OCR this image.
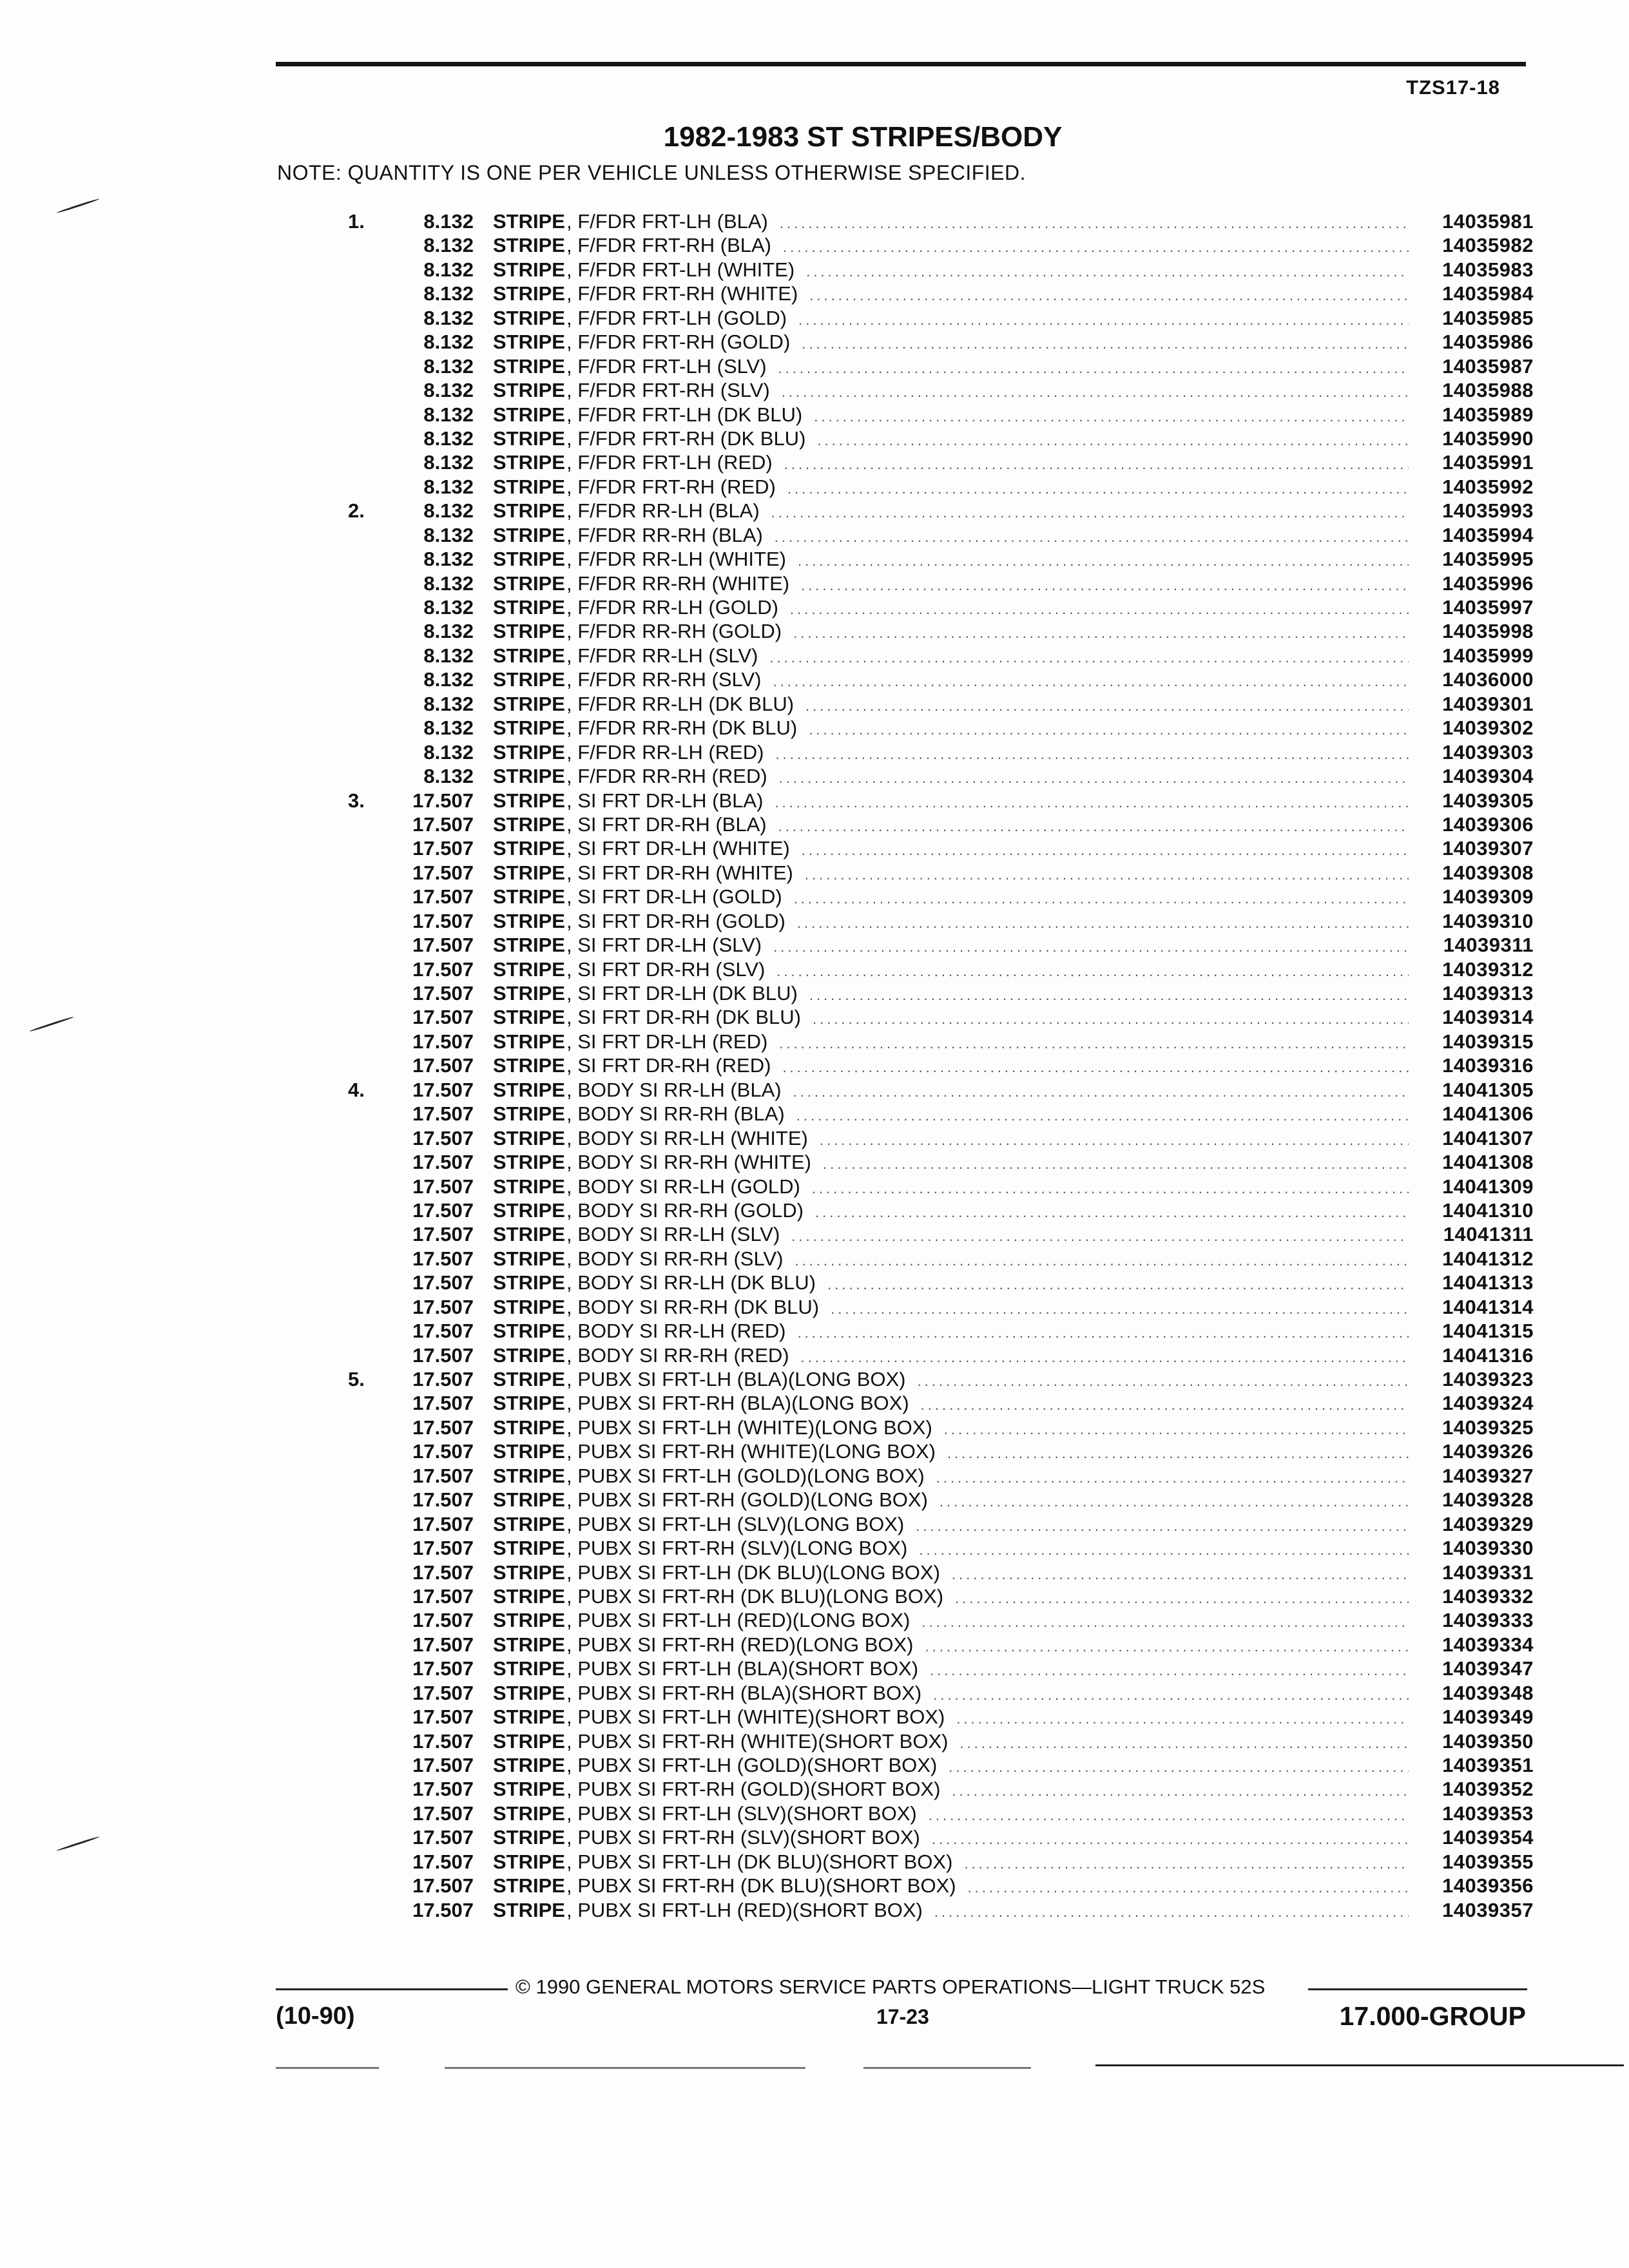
TZS17-18
1982-1983 ST STRIPES/BODY
NOTE: QUANTITY IS ONE PER VEHICLE UNLESS OTHERWISE SPECIFIED.
1.	8.132 STRIPE , F/FDR FRT-LH (BLA) .....	14035981
8.132 STRIPE , F/FDR FRT-RH (BLA) .....	14035982
8.132 STRIPE , F/FDR FRT-LH (WHITE) .....	14035983
8.132 STRIPE , F/FDR FRT-RH (WHITE) .....	14035984
8.132 STRIPE , F/FDR FRT-LH (GOLD) .....	14035985
8.132 STRIPE , F/FDR FRT-RH (GOLD) .....	14035986
8.132 STRIPE , F/FDR FRT-LH (SLV) .....	14035987
8.132 STRIPE , F/FDR FRT-RH (SLV) .....	14035988
8.132 STRIPE , F/FDR FRT-LH (DK BLU) .....	14035989
8.132 STRIPE , F/FDR FRT-RH (DK BLU) .....	14035990
8.132 STRIPE , F/FDR FRT-LH (RED) .....	14035991
8.132 STRIPE , F/FDR FRT-RH (RED) .....	14035992
2.	8.132 STRIPE , F/FDR RR-LH (BLA) .....	14035993
8.132 STRIPE , F/FDR RR-RH (BLA) .....	14035994
8.132 STRIPE , F/FDR RR-LH (WHITE) .....	14035995
8.132 STRIPE , F/FDR RR-RH (WHITE) .....	14035996
8.132 STRIPE , F/FDR RR-LH (GOLD) .....	14035997
8.132 STRIPE , F/FDR RR-RH (GOLD) .....	14035998
8.132 STRIPE , F/FDR RR-LH (SLV) .....	14035999
8.132 STRIPE , F/FDR RR-RH (SLV) .....	14036000
8.132 STRIPE , F/FDR RR-LH (DK BLU) .....	14039301
8.132 STRIPE , F/FDR RR-RH (DK BLU) .....	14039302
8.132 STRIPE , F/FDR RR-LH (RED) .....	14039303
8.132 STRIPE , F/FDR RR-RH (RED) .....	14039304
3.	17.507 STRIPE , SI FRT DR-LH (BLA) .....	14039305
17.507 STRIPE , SI FRT DR-RH (BLA) .....	14039306
17.507 STRIPE , SI FRT DR-LH (WHITE) .....	14039307
17.507 STRIPE , SI FRT DR-RH (WHITE) .....	14039308
17.507 STRIPE , SI FRT DR-LH (GOLD) .....	14039309
17.507 STRIPE , SI FRT DR-RH (GOLD) .....	14039310
17.507 STRIPE , SI FRT DR-LH (SLV) .....	14039311
17.507 STRIPE , SI FRT DR-RH (SLV) .....	14039312
17.507 STRIPE , SI FRT DR-LH (DK BLU) .....	14039313
17.507 STRIPE , SI FRT DR-RH (DK BLU) .....	14039314
17.507 STRIPE , SI FRT DR-LH (RED) .....	14039315
17.507 STRIPE , SI FRT DR-RH (RED) .....	14039316
4.	17.507 STRIPE , BODY SI RR-LH (BLA) .....	14041305
17.507 STRIPE , BODY SI RR-RH (BLA) .....	14041306
17.507 STRIPE , BODY SI RR-LH (WHITE) .....	14041307
17.507 STRIPE , BODY SI RR-RH (WHITE) .....	14041308
17.507 STRIPE , BODY SI RR-LH (GOLD) .....	14041309
17.507 STRIPE , BODY SI RR-RH (GOLD) .....	14041310
17.507 STRIPE , BODY SI RR-LH (SLV) .....	14041311
17.507 STRIPE , BODY SI RR-RH (SLV) .....	14041312
17.507 STRIPE , BODY SI RR-LH (DK BLU) .....	14041313
17.507 STRIPE , BODY SI RR-RH (DK BLU) .....	14041314
17.507 STRIPE , BODY SI RR-LH (RED) .....	14041315
17.507 STRIPE , BODY SI RR-RH (RED) .....	14041316
5.	17.507 STRIPE , PUBX SI FRT-LH (BLA)(LONG BOX) .....	14039323
17.507 STRIPE , PUBX SI FRT-RH (BLA)(LONG BOX) .....	14039324
17.507 STRIPE , PUBX SI FRT-LH (WHITE)(LONG BOX) .....	14039325
17.507 STRIPE , PUBX SI FRT-RH (WHITE)(LONG BOX) .....	14039326
17.507 STRIPE , PUBX SI FRT-LH (GOLD)(LONG BOX) .....	14039327
17.507 STRIPE , PUBX SI FRT-RH (GOLD)(LONG BOX) .....	14039328
17.507 STRIPE , PUBX SI FRT-LH (SLV)(LONG BOX) .....	14039329
17.507 STRIPE , PUBX SI FRT-RH (SLV)(LONG BOX) .....	14039330
17.507 STRIPE , PUBX SI FRT-LH (DK BLU)(LONG BOX) .....	14039331
17.507 STRIPE , PUBX SI FRT-RH (DK BLU)(LONG BOX) .....	14039332
17.507 STRIPE , PUBX SI FRT-LH (RED)(LONG BOX) .....	14039333
17.507 STRIPE , PUBX SI FRT-RH (RED)(LONG BOX) .....	14039334
17.507 STRIPE , PUBX SI FRT-LH (BLA)(SHORT BOX) .....	14039347
17.507 STRIPE , PUBX SI FRT-RH (BLA)(SHORT BOX) .....	14039348
17.507 STRIPE , PUBX SI FRT-LH (WHITE)(SHORT BOX) .....	14039349
17.507 STRIPE , PUBX SI FRT-RH (WHITE)(SHORT BOX) .....	14039350
17.507 STRIPE , PUBX SI FRT-LH (GOLD)(SHORT BOX) .....	14039351
17.507 STRIPE , PUBX SI FRT-RH (GOLD)(SHORT BOX) .....	14039352
17.507 STRIPE , PUBX SI FRT-LH (SLV)(SHORT BOX) .....	14039353
17.507 STRIPE , PUBX SI FRT-RH (SLV)(SHORT BOX) .....	14039354
17.507 STRIPE , PUBX SI FRT-LH (DK BLU)(SHORT BOX) .....	14039355
17.507 STRIPE , PUBX SI FRT-RH (DK BLU)(SHORT BOX) .....	14039356
17.507 STRIPE , PUBX SI FRT-LH (RED)(SHORT BOX) .....	14039357
© 1990 GENERAL MOTORS SERVICE PARTS OPERATIONS—LIGHT TRUCK 52S
(10-90)	17-23	17.000-GROUP
